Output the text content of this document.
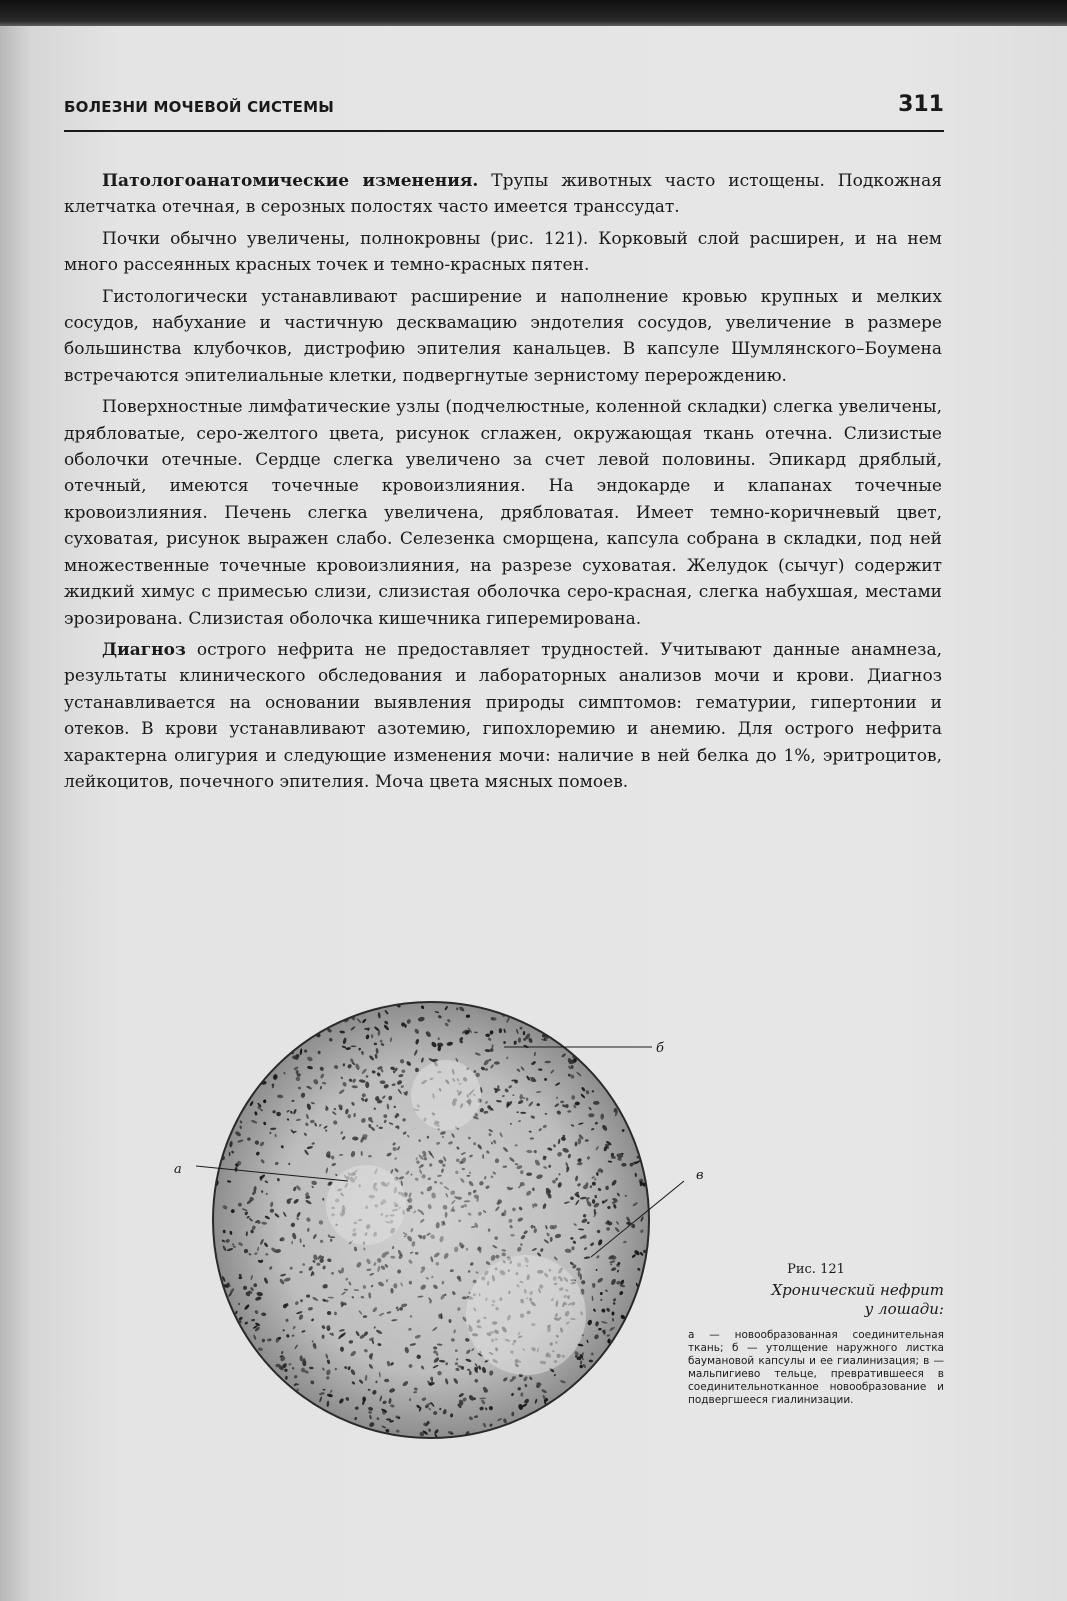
БОЛЕЗНИ МОЧЕВОЙ СИСТЕМЫ	311

Патологоанатомические изменения. Трупы животных часто истощены. Подкожная клетчатка отечная, в серозных полостях часто имеется транссудат.

Почки обычно увеличены, полнокровны (рис. 121). Корковый слой расширен, и на нем много рассеянных красных точек и темно-красных пятен.

Гистологически устанавливают расширение и наполнение кровью крупных и мелких сосудов, набухание и частичную десквамацию эндотелия сосудов, увеличение в размере большинства клубочков, дистрофию эпителия канальцев. В капсуле Шумлянского–Боумена встречаются эпителиальные клетки, подвергнутые зернистому перерождению.

Поверхностные лимфатические узлы (подчелюстные, коленной складки) слегка увеличены, дрябловатые, серо-желтого цвета, рисунок сглажен, окружающая ткань отечна. Слизистые оболочки отечные. Сердце слегка увеличено за счет левой половины. Эпикард дряблый, отечный, имеются точечные кровоизлияния. На эндокарде и клапанах точечные кровоизлияния. Печень слегка увеличена, дрябловатая. Имеет темно-коричневый цвет, суховатая, рисунок выражен слабо. Селезенка сморщена, капсула собрана в складки, под ней множественные точечные кровоизлияния, на разрезе суховатая. Желудок (сычуг) содержит жидкий химус с примесью слизи, слизистая оболочка серо-красная, слегка набухшая, местами эрозирована. Слизистая оболочка кишечника гиперемирована.

Диагноз острого нефрита не предоставляет трудностей. Учитывают данные анамнеза, результаты клинического обследования и лабораторных анализов мочи и крови. Диагноз устанавливается на основании выявления природы симптомов: гематурии, гипертонии и отеков. В крови устанавливают азотемию, гипохлоремию и анемию. Для острого нефрита характерна олигурия и следующие изменения мочи: наличие в ней белка до 1%, эритроцитов, лейкоцитов, почечного эпителия. Моча цвета мясных помоев.

а
б
в
Рис. 121
Хронический нефрит
у лошади:
а — новообразованная соединительная ткань; б — утолщение наружного листка баумановой капсулы и ее гиалинизация; в — мальпигиево тельце, превратившееся в соединительнотканное новообразование и подвергшееся гиалинизации.
